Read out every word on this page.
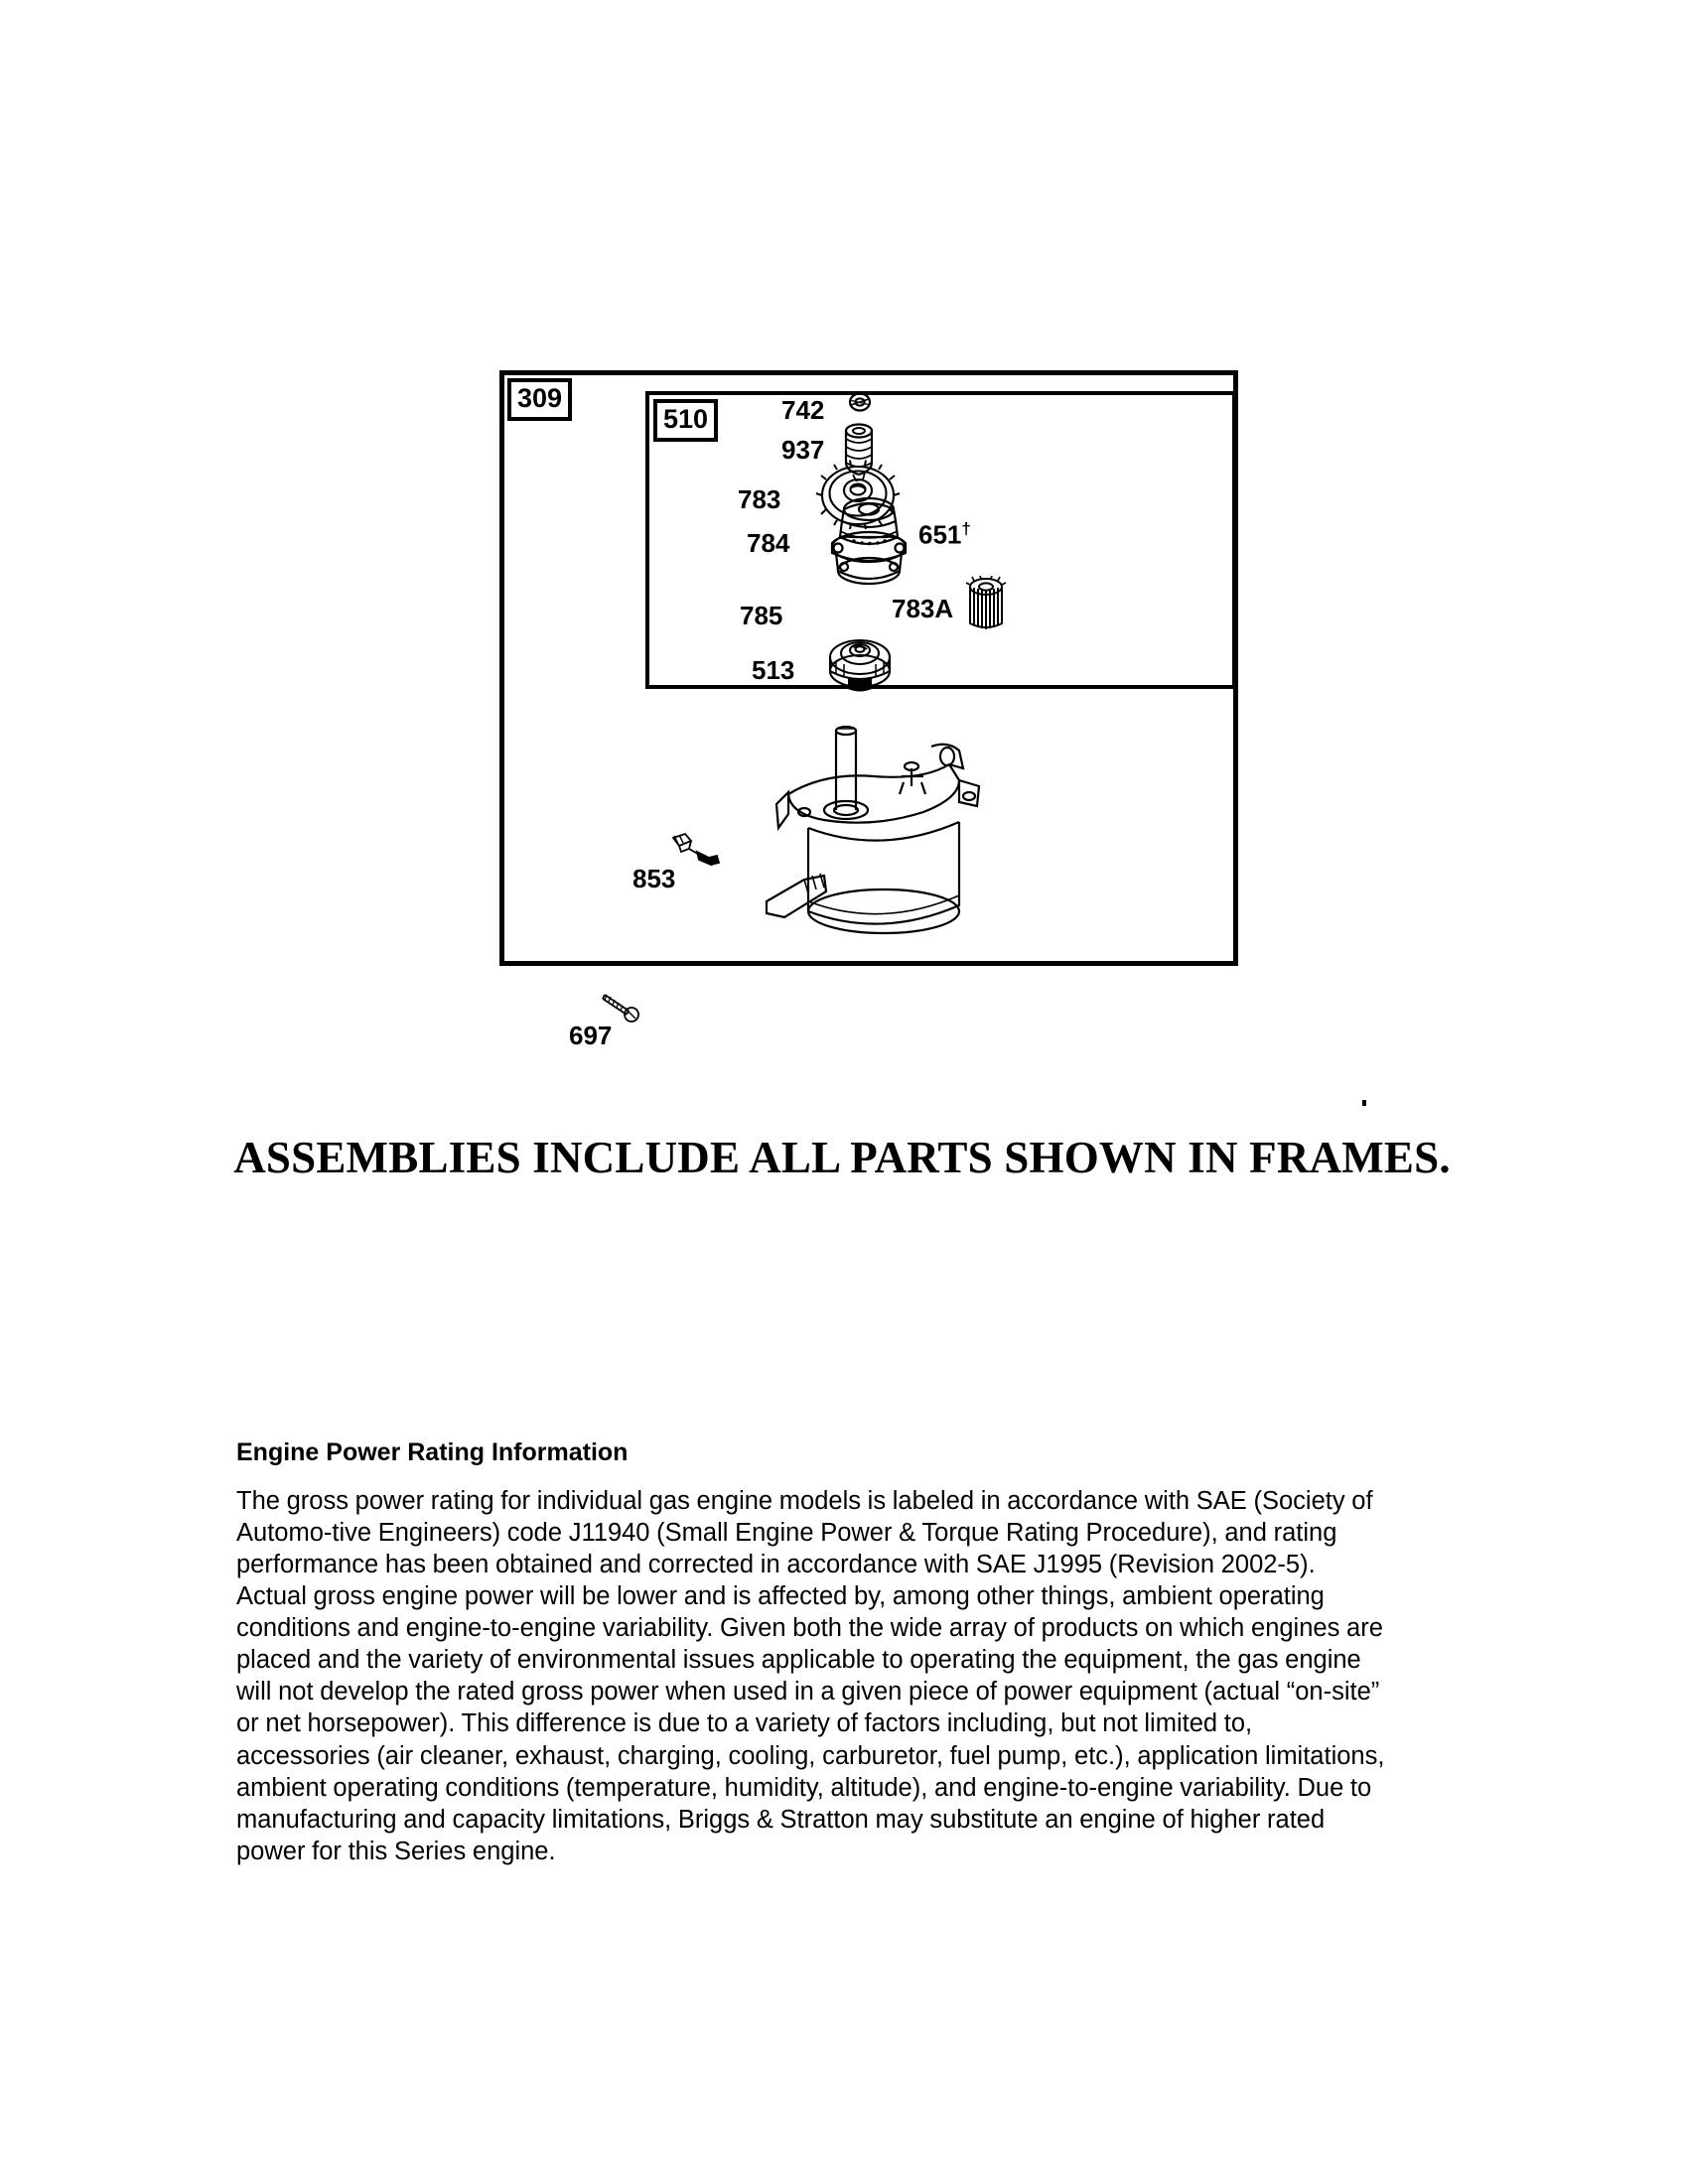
309
510	742
937
783
784	651†
785	783A
513
853
697
ASSEMBLIES INCLUDE ALL PARTS SHOWN IN FRAMES.
Engine Power Rating Information

The gross power rating for individual gas engine models is labeled in accordance with SAE (Society of Automo-tive Engineers) code J11940 (Small Engine Power & Torque Rating Procedure), and rating performance has been obtained and corrected in accordance with SAE J1995 (Revision 2002-5). Actual gross engine power will be lower and is affected by, among other things, ambient operating conditions and engine-to-engine variability. Given both the wide array of products on which engines are placed and the variety of environmental issues applicable to operating the equipment, the gas engine will not develop the rated gross power when used in a given piece of power equipment (actual “on-site” or net horsepower). This difference is due to a variety of factors including, but not limited to, accessories (air cleaner, exhaust, charging, cooling, carburetor, fuel pump, etc.), application limitations, ambient operating conditions (temperature, humidity, altitude), and engine-to-engine variability. Due to manufacturing and capacity limitations, Briggs & Stratton may substitute an engine of higher rated power for this Series engine.
